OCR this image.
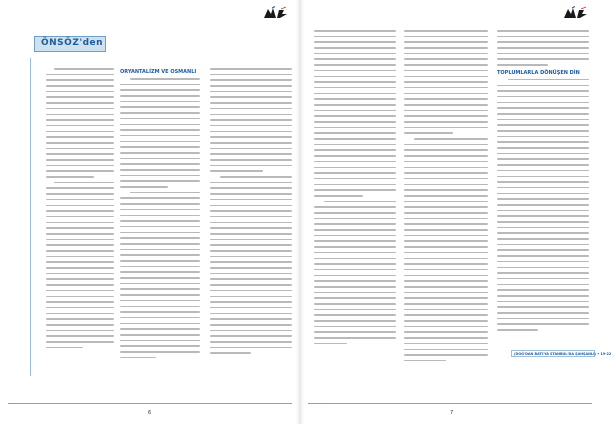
ÖNSÖZ'den
ORYANTALİZM VE OSMANLI
6
TOPLUMLARLA DÖNÜŞEN DİN
(DOĞ'DAN BATI'YA STANBUL'DA ŞAHŞANLI) • 19-22
7
